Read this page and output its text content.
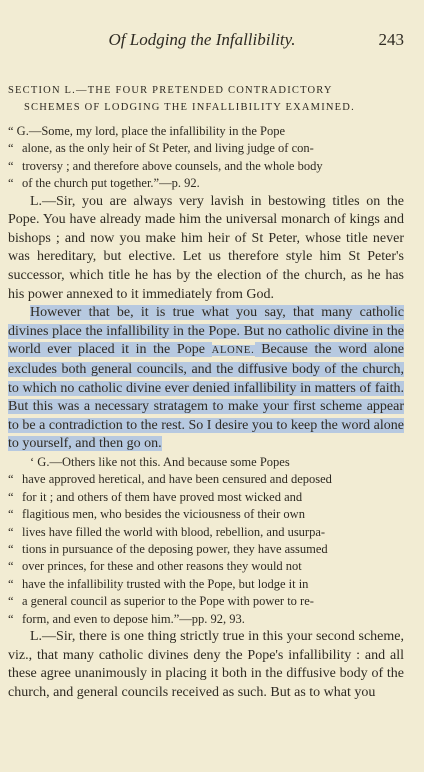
Of Lodging the Infallibility.	243
SECTION L.—THE FOUR PRETENDED CONTRADICTORY
SCHEMES OF LODGING THE INFALLIBILITY EXAMINED.

“ G.—Some, my lord, place the infallibility in the Pope
“ alone, as the only heir of St Peter, and living judge of con-
“ troversy ; and therefore above counsels, and the whole body
“ of the church put together.”—p. 92.

L.—Sir, you are always very lavish in bestowing titles on the Pope. You have already made him the universal monarch of kings and bishops ; and now you make him heir of St Peter, whose title never was hereditary, but elective. Let us therefore style him St Peter's successor, which title he has by the election of the church, as he has his power annexed to it immediately from God.

However that be, it is true what you say, that many catholic divines place the infallibility in the Pope. But no catholic divine in the world ever placed it in the Pope ALONE. Because the word alone excludes both general councils, and the diffusive body of the church, to which no catholic divine ever denied infallibility in matters of faith. But this was a necessary stratagem to make your first scheme appear to be a contradiction to the rest. So I desire you to keep the word alone to yourself, and then go on.

‘ G.—Others like not this. And because some Popes
“ have approved heretical, and have been censured and deposed
“ for it ; and others of them have proved most wicked and
“ flagitious men, who besides the viciousness of their own
“ lives have filled the world with blood, rebellion, and usurpa-
“ tions in pursuance of the deposing power, they have assumed
“ over princes, for these and other reasons they would not
“ have the infallibility trusted with the Pope, but lodge it in
“ a general council as superior to the Pope with power to re-
“ form, and even to depose him.”—pp. 92, 93.

L.—Sir, there is one thing strictly true in this your second scheme, viz., that many catholic divines deny the Pope's infallibility : and all these agree unanimously in placing it both in the diffusive body of the church, and general councils received as such. But as to what you
